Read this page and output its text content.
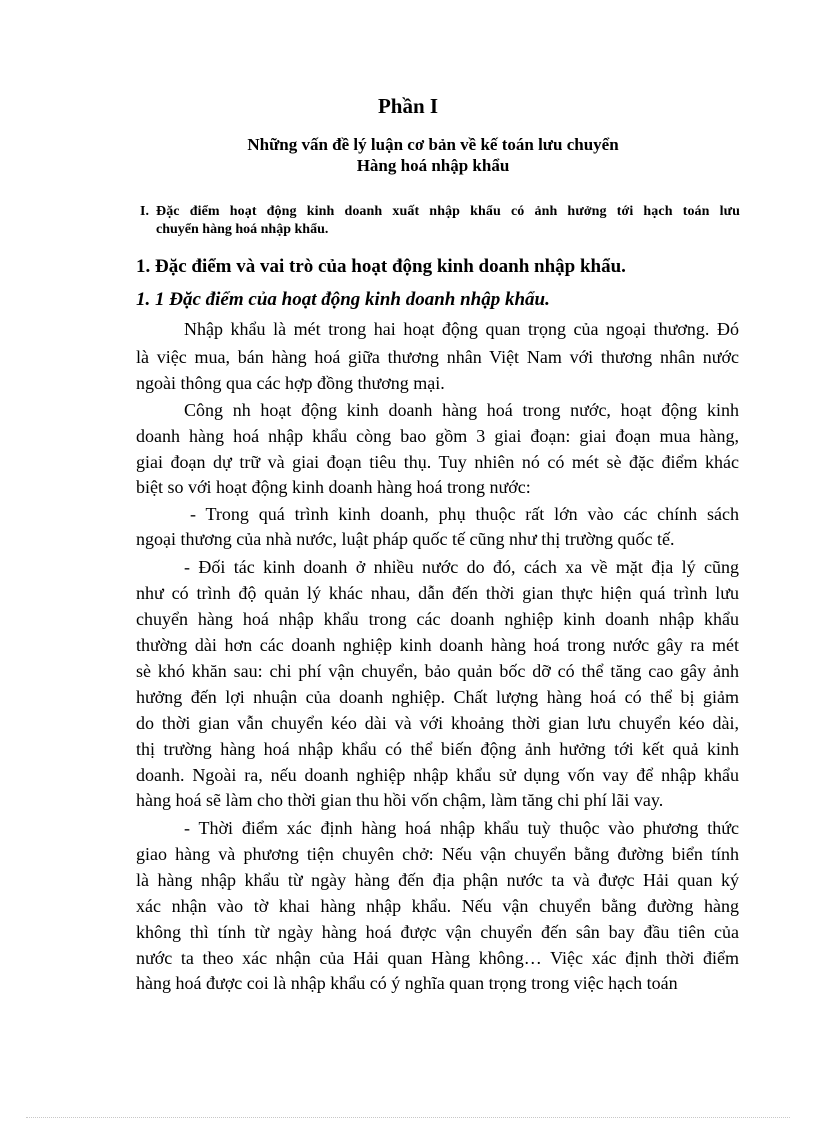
Phần I
Những vấn đề lý luận cơ bản về kế toán lưu chuyển
Hàng hoá nhập khẩu
I. Đặc điểm hoạt động kinh doanh xuất nhập khẩu có ảnh hưởng tới hạch toán lưu
chuyển hàng hoá nhập khẩu.
1. Đặc điểm và vai trò của hoạt động kinh doanh nhập khẩu.
1. 1 Đặc điểm của hoạt động kinh doanh nhập khẩu.
Nhập khẩu là mét trong hai hoạt động quan trọng của ngoại thương. Đó
là việc mua, bán hàng hoá giữa thương nhân Việt Nam với thương nhân nước
ngoài thông qua các hợp đồng thương mại.
Công nh hoạt động kinh doanh hàng hoá trong nước, hoạt động kinh
doanh hàng hoá nhập khẩu còng bao gồm 3 giai đoạn: giai đoạn mua hàng,
giai đoạn dự trữ và giai đoạn tiêu thụ. Tuy nhiên nó có mét sè đặc điểm khác
biệt so với hoạt động kinh doanh hàng hoá trong nước:
- Trong quá trình kinh doanh, phụ thuộc rất lớn vào các chính sách
ngoại thương của nhà nước, luật pháp quốc tế cũng như thị trường quốc tế.
- Đối tác kinh doanh ở nhiều nước do đó, cách xa về mặt địa lý cũng
như có trình độ quản lý khác nhau, dẫn đến thời gian thực hiện quá trình lưu
chuyển hàng hoá nhập khẩu trong các doanh nghiệp kinh doanh nhập khẩu
thường dài hơn các doanh nghiệp kinh doanh hàng hoá trong nước gây ra mét
sè khó khăn sau: chi phí vận chuyển, bảo quản bốc dỡ có thể tăng cao gây ảnh
hưởng đến lợi nhuận của doanh nghiệp. Chất lượng hàng hoá có thể bị giảm
do thời gian vẫn chuyển kéo dài và với khoảng thời gian lưu chuyển kéo dài,
thị trường hàng hoá nhập khẩu có thể biến động ảnh hưởng tới kết quả kinh
doanh. Ngoài ra, nếu doanh nghiệp nhập khẩu sử dụng vốn vay để nhập khẩu
hàng hoá sẽ làm cho thời gian thu hồi vốn chậm, làm tăng chi phí lãi vay.
- Thời điểm xác định hàng hoá nhập khẩu tuỳ thuộc vào phương thức
giao hàng và phương tiện chuyên chở: Nếu vận chuyển bằng đường biển tính
là hàng nhập khẩu từ ngày hàng đến địa phận nước ta và được Hải quan ký
xác nhận vào tờ khai hàng nhập khẩu. Nếu vận chuyển bằng đường hàng
không thì tính từ ngày hàng hoá được vận chuyển đến sân bay đầu tiên của
nước ta theo xác nhận của Hải quan Hàng không… Việc xác định thời điểm
hàng hoá được coi là nhập khẩu có ý nghĩa quan trọng trong việc hạch toán
